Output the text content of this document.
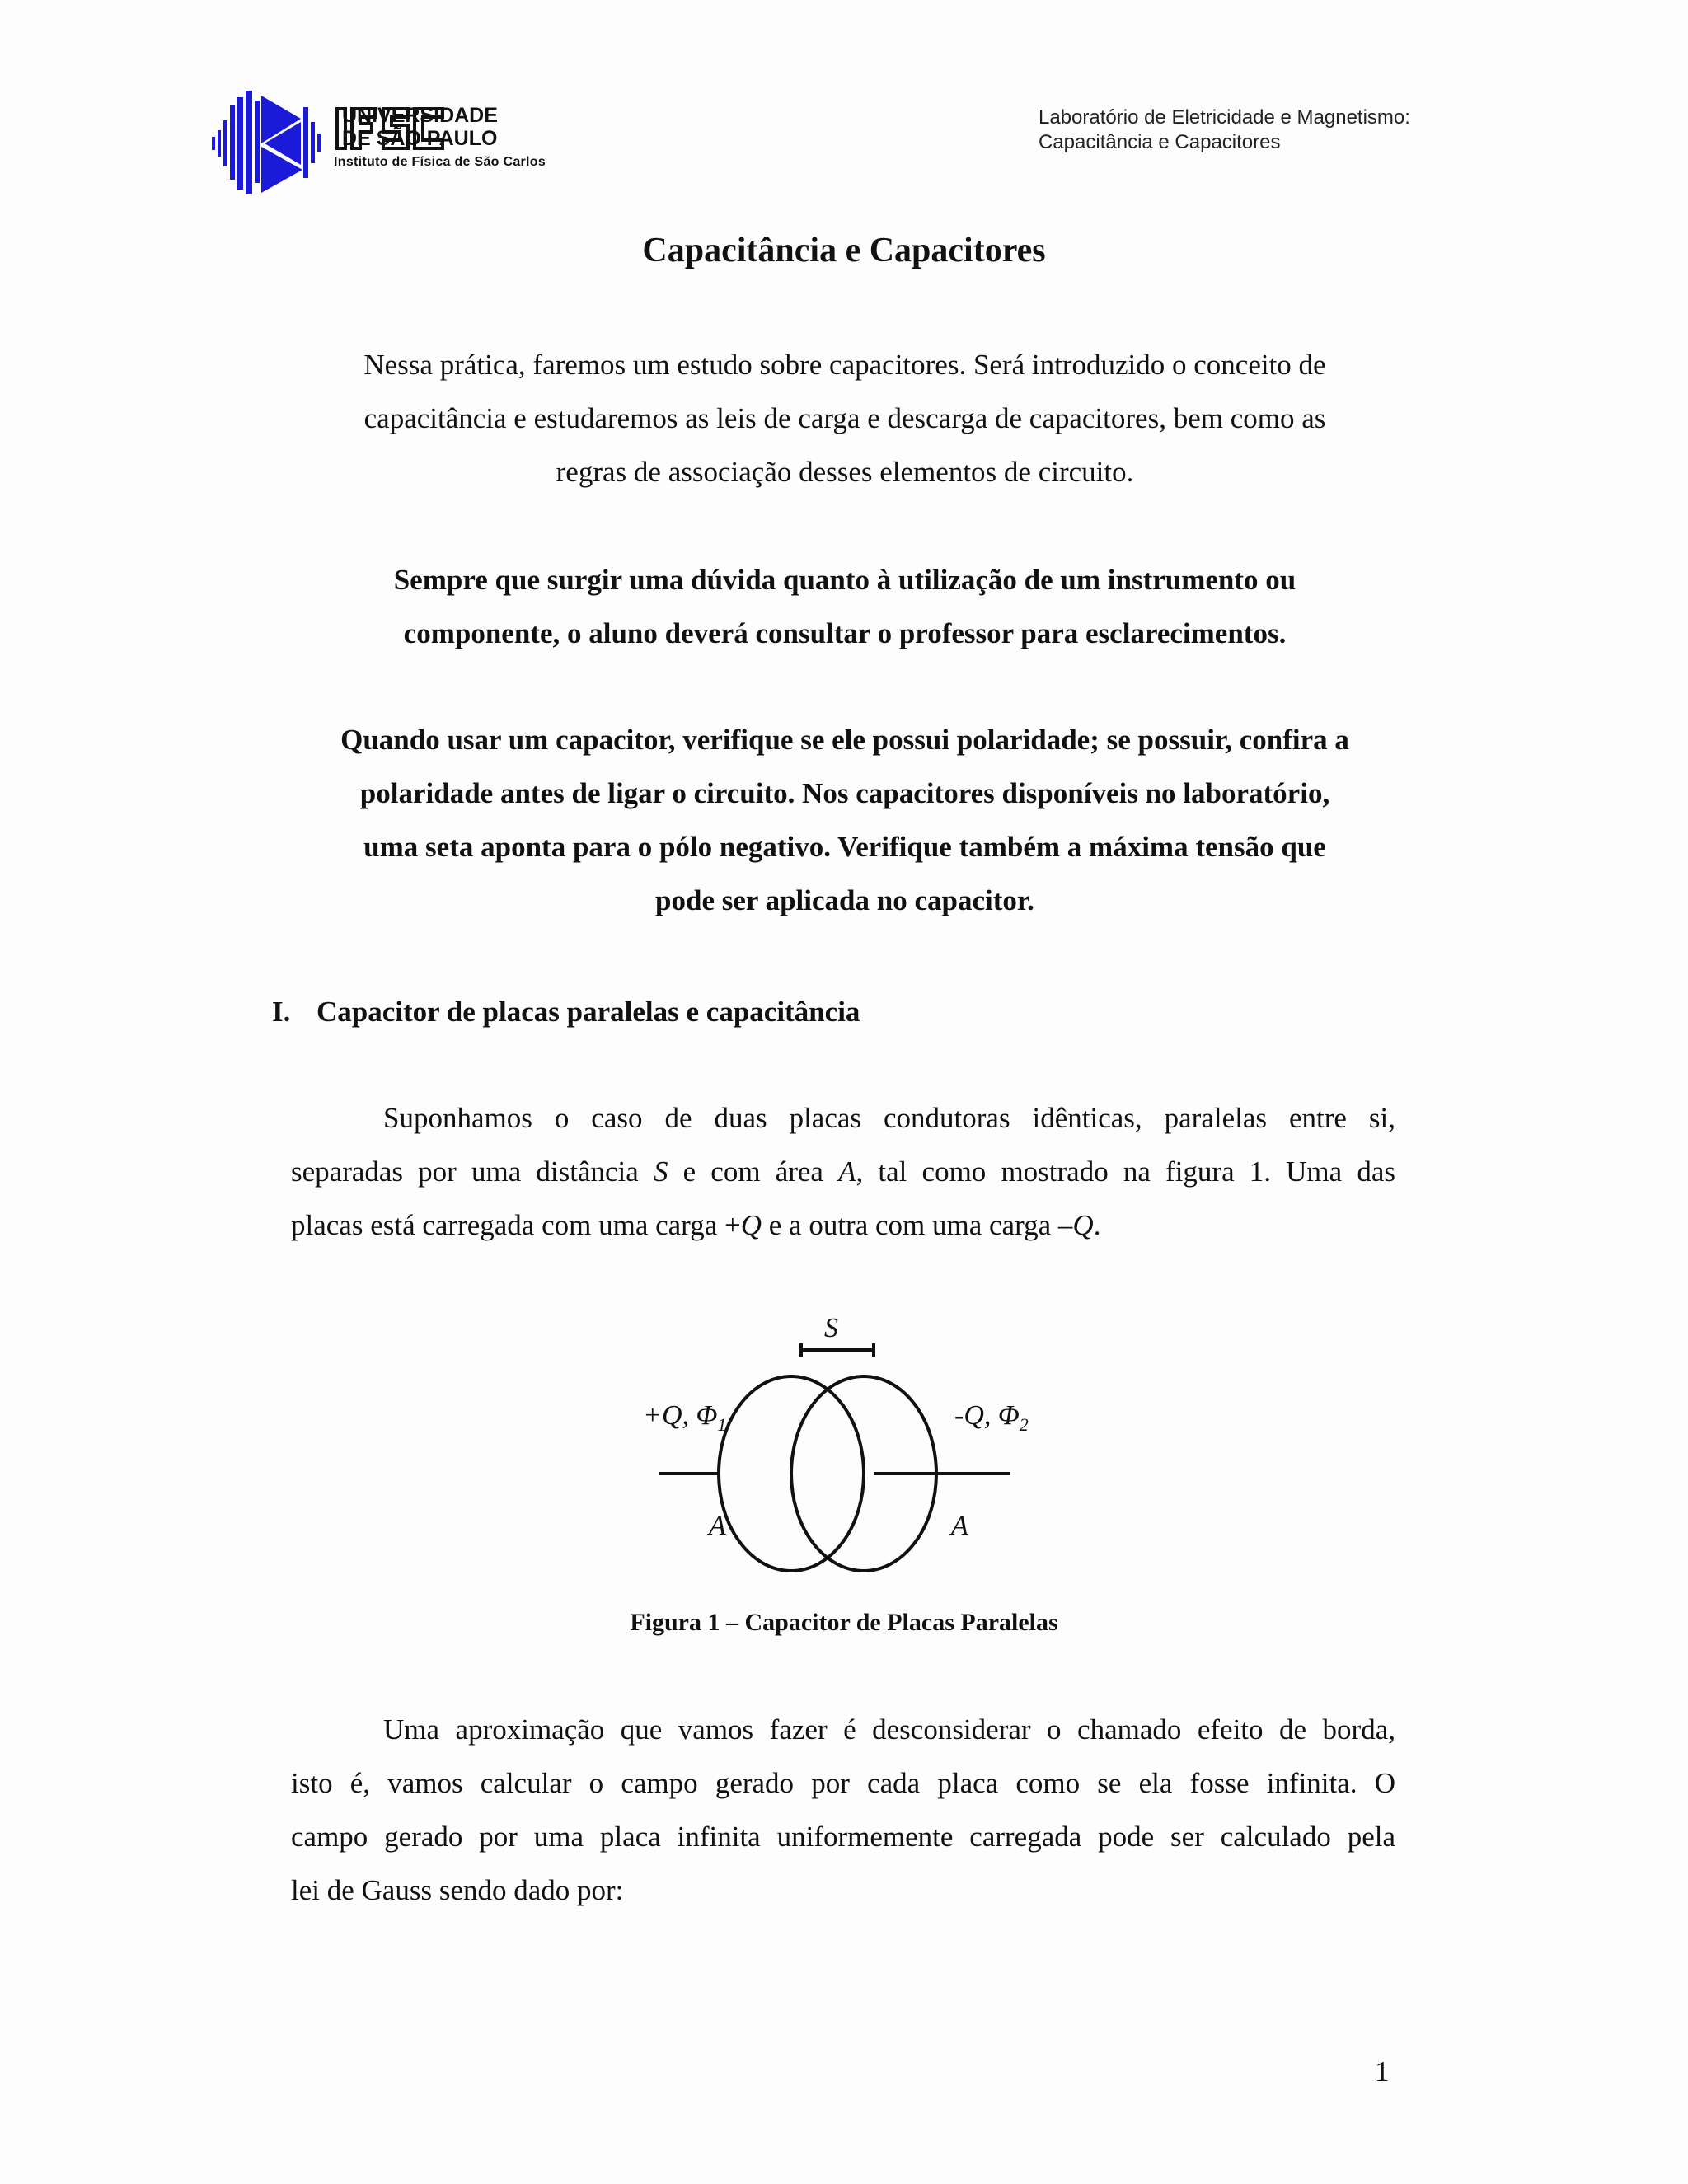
UNIVERSIDADE
DE SÃO PAULO
Instituto de Física de São Carlos
Laboratório de Eletricidade e Magnetismo:
Capacitância e Capacitores
Capacitância e Capacitores
Nessa prática, faremos um estudo sobre capacitores. Será introduzido o conceito de
capacitância e estudaremos as leis de carga e descarga de capacitores, bem como as
regras de associação desses elementos de circuito.
Sempre que surgir uma dúvida quanto à utilização de um instrumento ou
componente, o aluno deverá consultar o professor para esclarecimentos.
Quando usar um capacitor, verifique se ele possui polaridade; se possuir, confira a
polaridade antes de ligar o circuito. Nos capacitores disponíveis no laboratório,
uma seta aponta para o pólo negativo. Verifique também a máxima tensão que
pode ser aplicada no capacitor.
I. Capacitor de placas paralelas e capacitância
Suponhamos o caso de duas placas condutoras idênticas, paralelas entre si,
separadas por uma distância S e com área A, tal como mostrado na figura 1. Uma das
placas está carregada com uma carga +Q e a outra com uma carga –Q.
S
+Q, $\Phi_1$	-Q, $\Phi_2$
A	A
Figura 1 – Capacitor de Placas Paralelas
Uma aproximação que vamos fazer é desconsiderar o chamado efeito de borda,
isto é, vamos calcular o campo gerado por cada placa como se ela fosse infinita. O
campo gerado por uma placa infinita uniformemente carregada pode ser calculado pela
lei de Gauss sendo dado por:
1
